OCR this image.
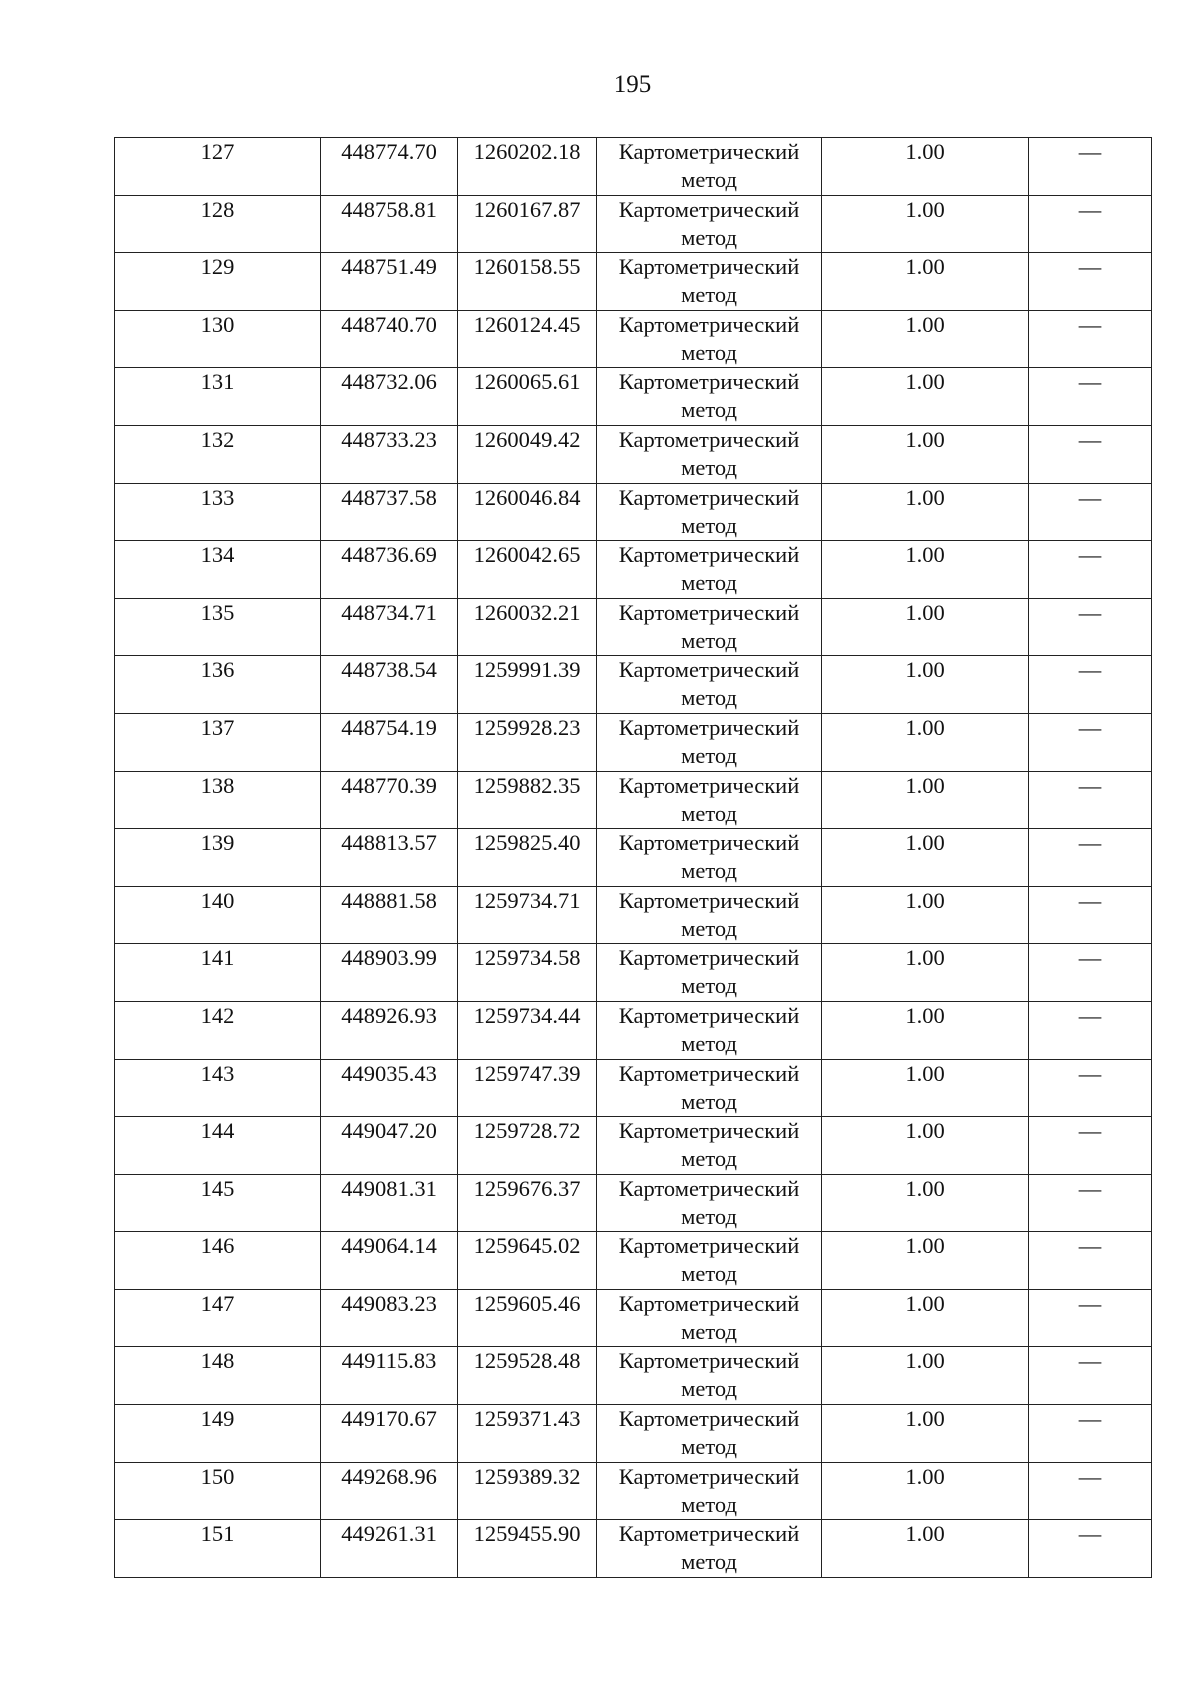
195
127	448774.70	1260202.18	Картометрический метод	1.00	—
128	448758.81	1260167.87	Картометрический метод	1.00	—
129	448751.49	1260158.55	Картометрический метод	1.00	—
130	448740.70	1260124.45	Картометрический метод	1.00	—
131	448732.06	1260065.61	Картометрический метод	1.00	—
132	448733.23	1260049.42	Картометрический метод	1.00	—
133	448737.58	1260046.84	Картометрический метод	1.00	—
134	448736.69	1260042.65	Картометрический метод	1.00	—
135	448734.71	1260032.21	Картометрический метод	1.00	—
136	448738.54	1259991.39	Картометрический метод	1.00	—
137	448754.19	1259928.23	Картометрический метод	1.00	—
138	448770.39	1259882.35	Картометрический метод	1.00	—
139	448813.57	1259825.40	Картометрический метод	1.00	—
140	448881.58	1259734.71	Картометрический метод	1.00	—
141	448903.99	1259734.58	Картометрический метод	1.00	—
142	448926.93	1259734.44	Картометрический метод	1.00	—
143	449035.43	1259747.39	Картометрический метод	1.00	—
144	449047.20	1259728.72	Картометрический метод	1.00	—
145	449081.31	1259676.37	Картометрический метод	1.00	—
146	449064.14	1259645.02	Картометрический метод	1.00	—
147	449083.23	1259605.46	Картометрический метод	1.00	—
148	449115.83	1259528.48	Картометрический метод	1.00	—
149	449170.67	1259371.43	Картометрический метод	1.00	—
150	449268.96	1259389.32	Картометрический метод	1.00	—
151	449261.31	1259455.90	Картометрический метод	1.00	—
